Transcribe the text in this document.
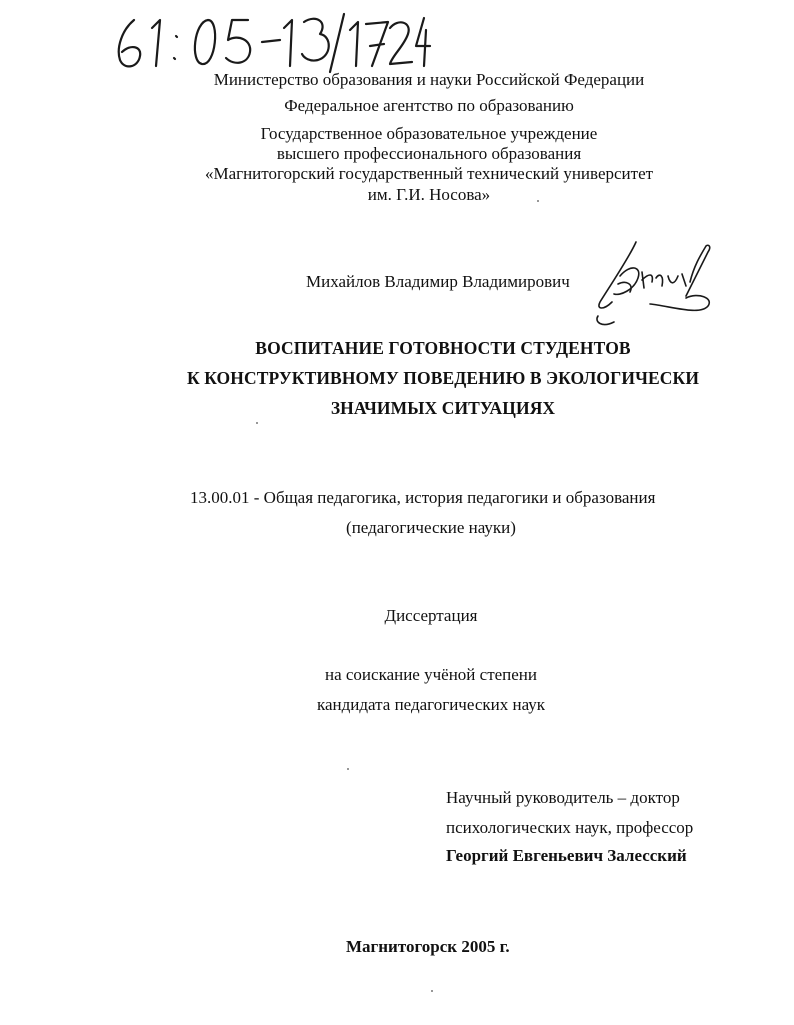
Министерство образования и науки Российской Федерации
Федеральное агентство по образованию
Государственное образовательное учреждение
высшего профессионального образования
«Магнитогорский государственный технический университет
им. Г.И. Носова»
Михайлов Владимир Владимирович
ВОСПИТАНИЕ ГОТОВНОСТИ СТУДЕНТОВ
К КОНСТРУКТИВНОМУ ПОВЕДЕНИЮ В ЭКОЛОГИЧЕСКИ
ЗНАЧИМЫХ СИТУАЦИЯХ
13.00.01 - Общая педагогика, история педагогики и образования
(педагогические науки)
Диссертация
на соискание учёной степени
кандидата педагогических наук
Научный руководитель – доктор
психологических наук, профессор
Георгий Евгеньевич Залесский
Магнитогорск 2005 г.
